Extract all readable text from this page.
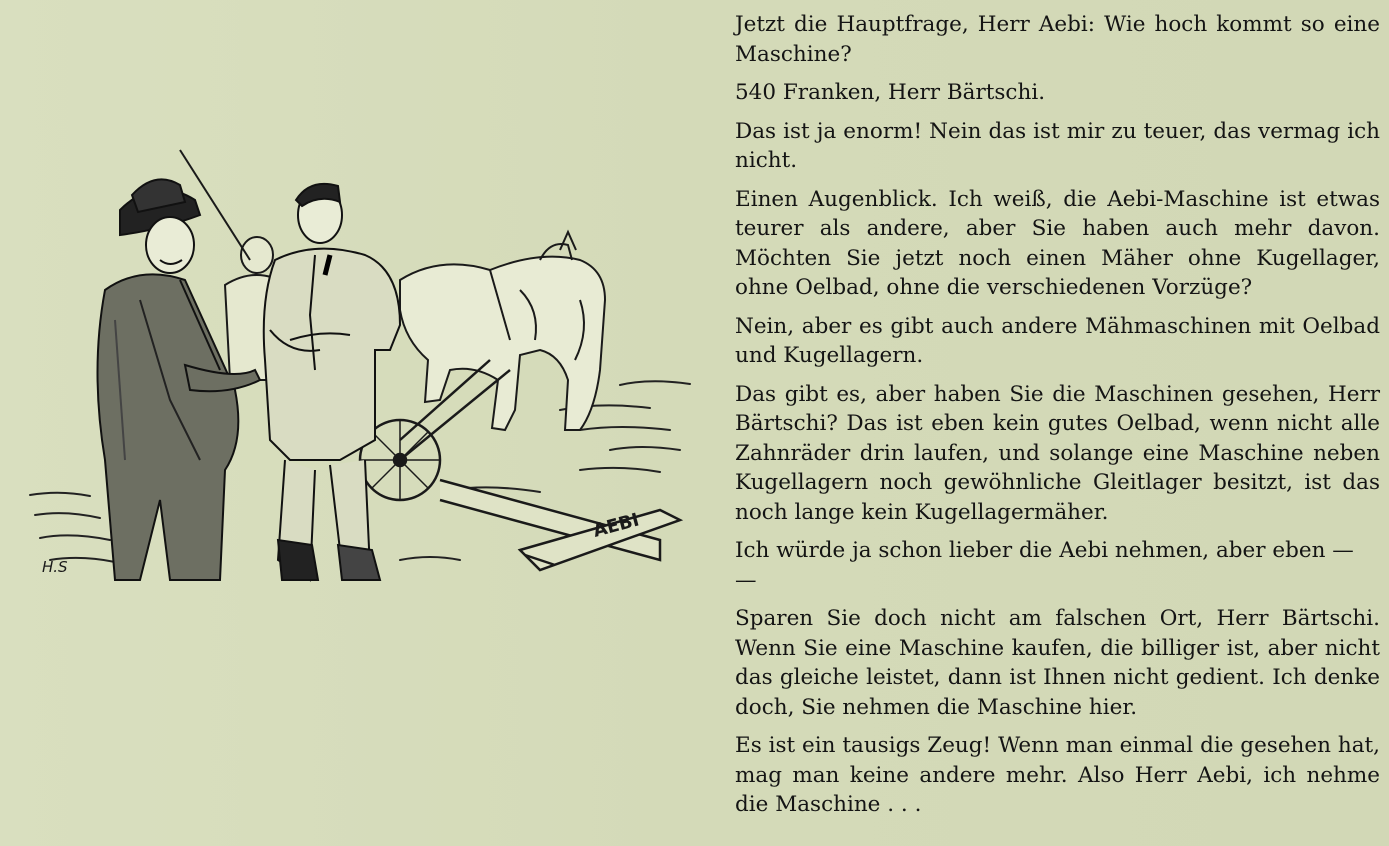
AEBI
H.S

Jetzt die Hauptfrage, Herr Aebi: Wie hoch kommt so eine Maschine?

540 Franken, Herr Bärtschi.

Das ist ja enorm! Nein das ist mir zu teuer, das vermag ich nicht.

Einen Augenblick. Ich weiß, die Aebi-Maschine ist etwas teurer als andere, aber Sie haben auch mehr davon. Möchten Sie jetzt noch einen Mäher ohne Kugellager, ohne Oelbad, ohne die verschiedenen Vorzüge?

Nein, aber es gibt auch andere Mähmaschinen mit Oelbad und Kugellagern.

Das gibt es, aber haben Sie die Maschinen gesehen, Herr Bärtschi? Das ist eben kein gutes Oelbad, wenn nicht alle Zahnräder drin laufen, und solange eine Maschine neben Kugellagern noch gewöhnliche Gleitlager besitzt, ist das noch lange kein Kugellagermäher.

Ich würde ja schon lieber die Aebi nehmen, aber eben — —

Sparen Sie doch nicht am falschen Ort, Herr Bärtschi. Wenn Sie eine Maschine kaufen, die billiger ist, aber nicht das gleiche leistet, dann ist Ihnen nicht gedient. Ich denke doch, Sie nehmen die Maschine hier.

Es ist ein tausigs Zeug! Wenn man einmal die gesehen hat, mag man keine andere mehr. Also Herr Aebi, ich nehme die Maschine . . .
